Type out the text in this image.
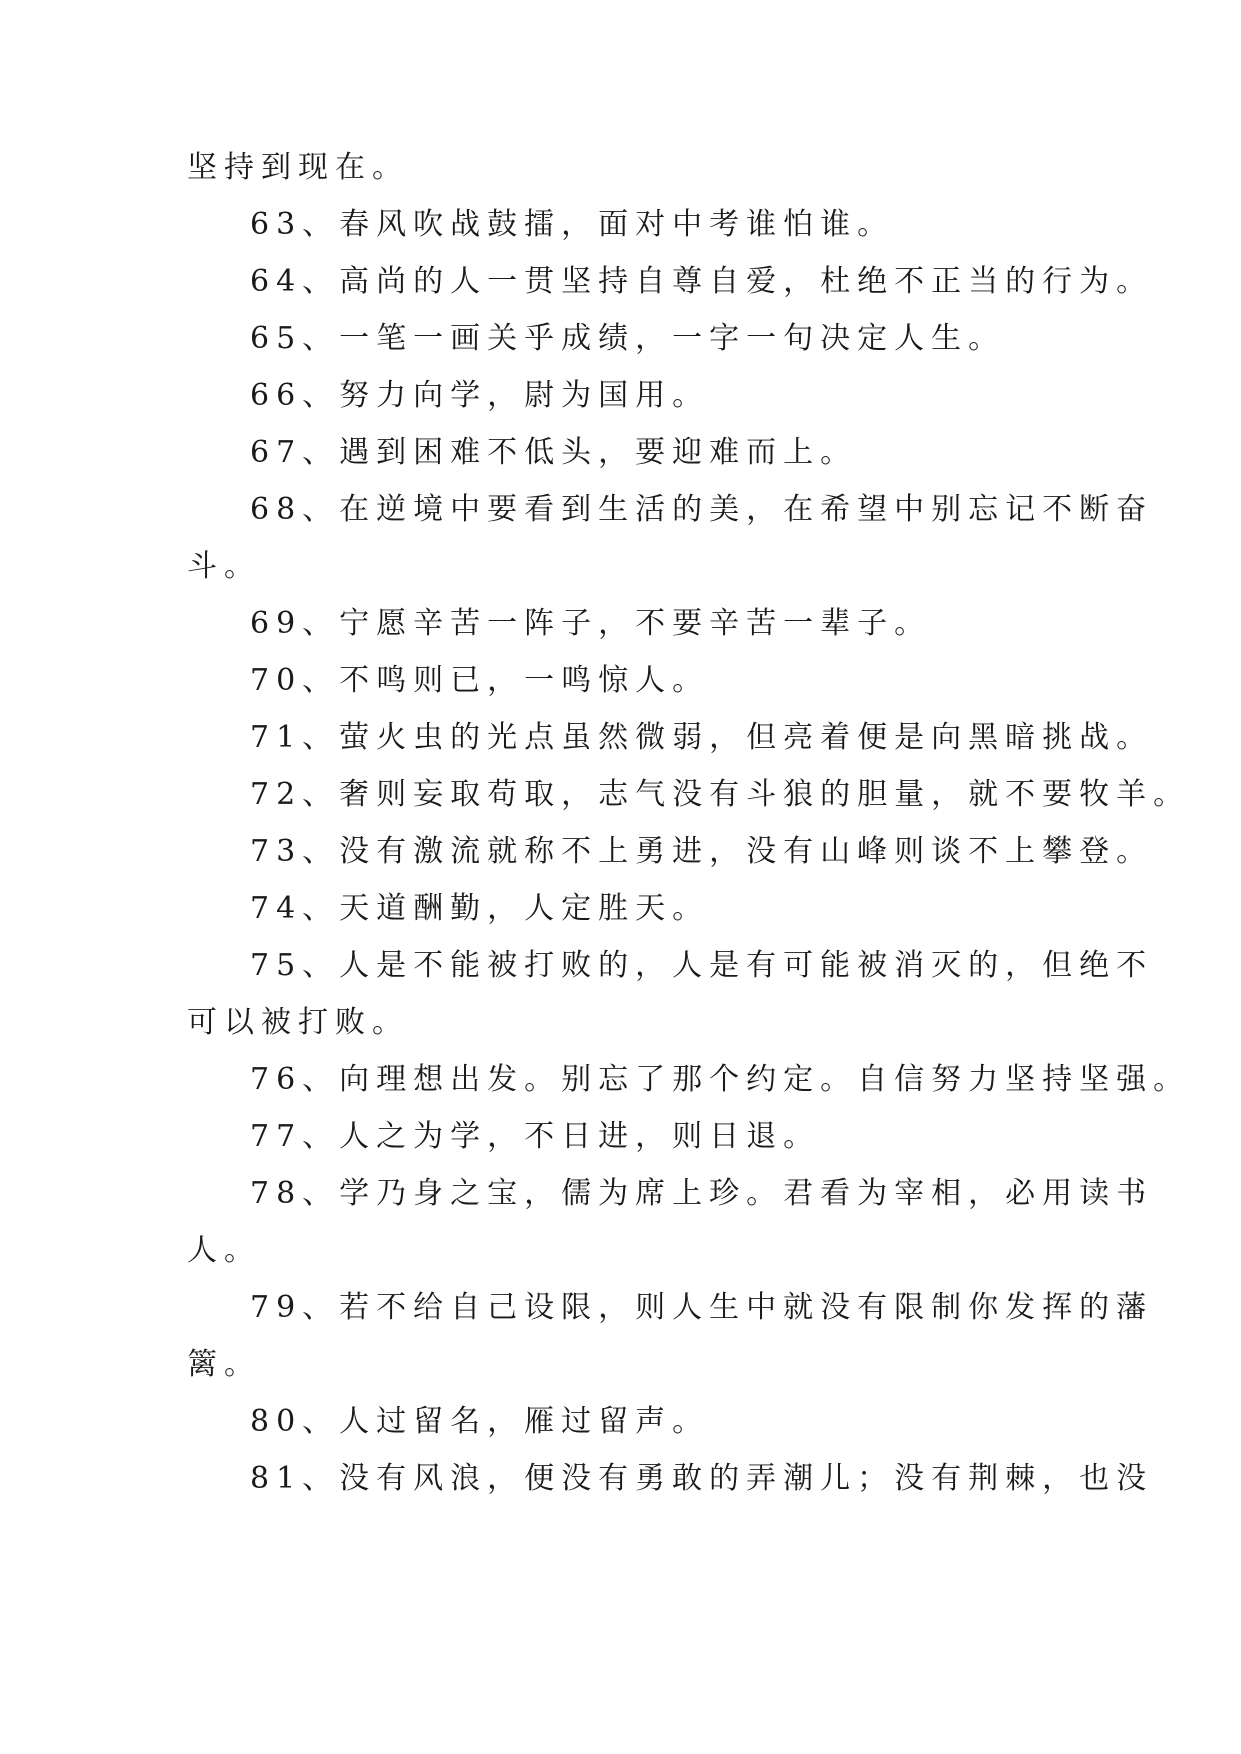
坚持到现在。
63、春风吹战鼓擂，面对中考谁怕谁。
64、高尚的人一贯坚持自尊自爱，杜绝不正当的行为。
65、一笔一画关乎成绩，一字一句决定人生。
66、努力向学，尉为国用。
67、遇到困难不低头，要迎难而上。
68、在逆境中要看到生活的美，在希望中别忘记不断奋
斗。
69、宁愿辛苦一阵子，不要辛苦一辈子。
70、不鸣则已，一鸣惊人。
71、萤火虫的光点虽然微弱，但亮着便是向黑暗挑战。
72、奢则妄取苟取，志气没有斗狼的胆量，就不要牧羊。
73、没有激流就称不上勇进，没有山峰则谈不上攀登。
74、天道酬勤，人定胜天。
75、人是不能被打败的，人是有可能被消灭的，但绝不
可以被打败。
76、向理想出发。别忘了那个约定。自信努力坚持坚强。
77、人之为学，不日进，则日退。
78、学乃身之宝，儒为席上珍。君看为宰相，必用读书
人。
79、若不给自己设限，则人生中就没有限制你发挥的藩
篱。
80、人过留名，雁过留声。
81、没有风浪，便没有勇敢的弄潮儿；没有荆棘，也没
